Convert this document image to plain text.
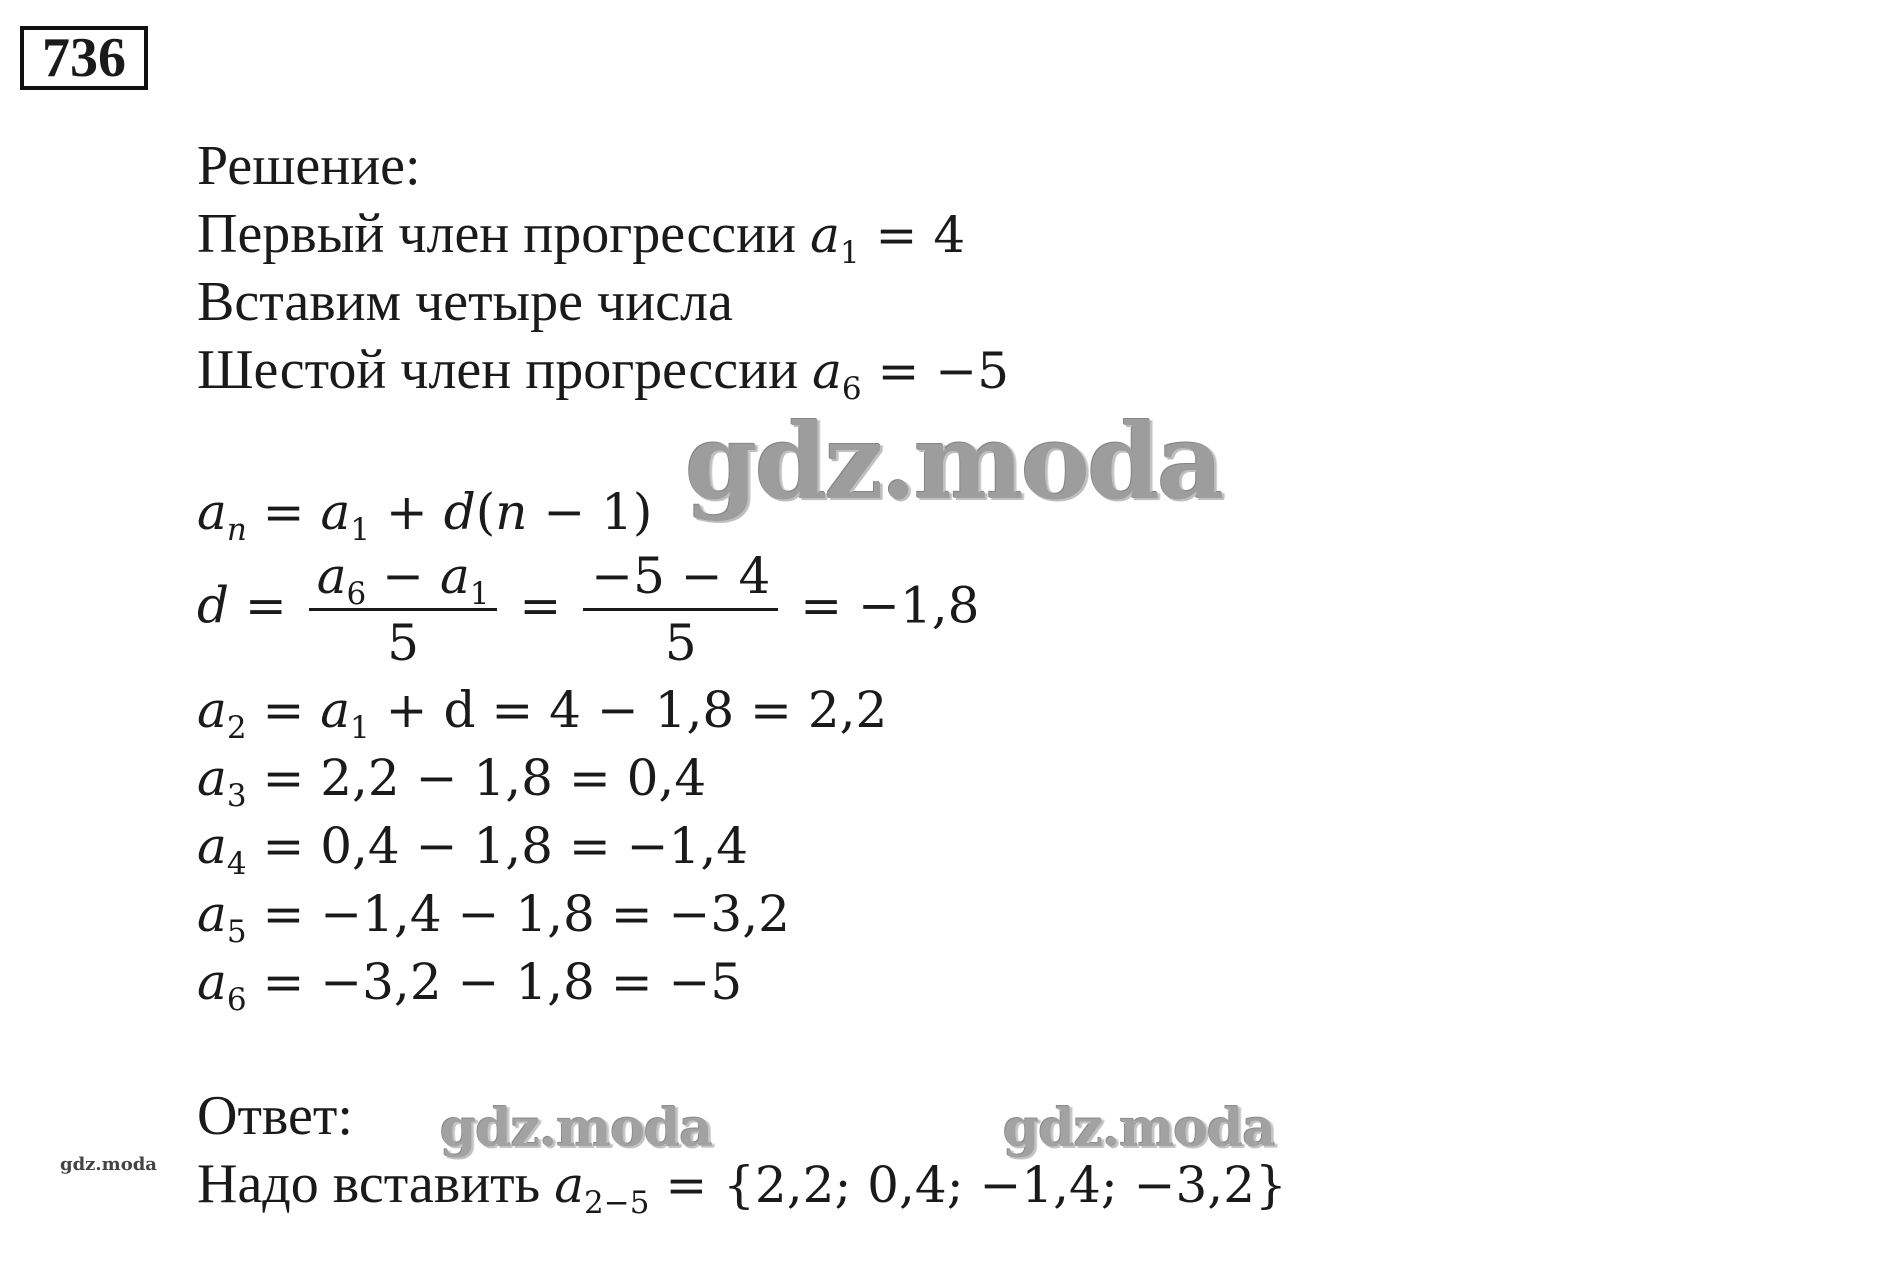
736
Решение:
Первый член прогрессии $a_1 = 4$
Вставим четыре числа
Шестой член прогрессии $a_6 = -5$
$a_n = a_1 + d(n - 1)$
$d = \frac{a_6 - a_1}{5} = \frac{-5 - 4}{5} = -1,8$
$a_2 = a_1 + d = 4 - 1,8 = 2,2$
$a_3 = 2,2 - 1,8 = 0,4$
$a_4 = 0,4 - 1,8 = -1,4$
$a_5 = -1,4 - 1,8 = -3,2$
$a_6 = -3,2 - 1,8 = -5$
Ответ:
Надо вставить $a_{2-5} = \{2,2$; 0,4; −1,4; −3,2}
gdz.moda
gdz.moda	gdz.moda
gdz.moda
